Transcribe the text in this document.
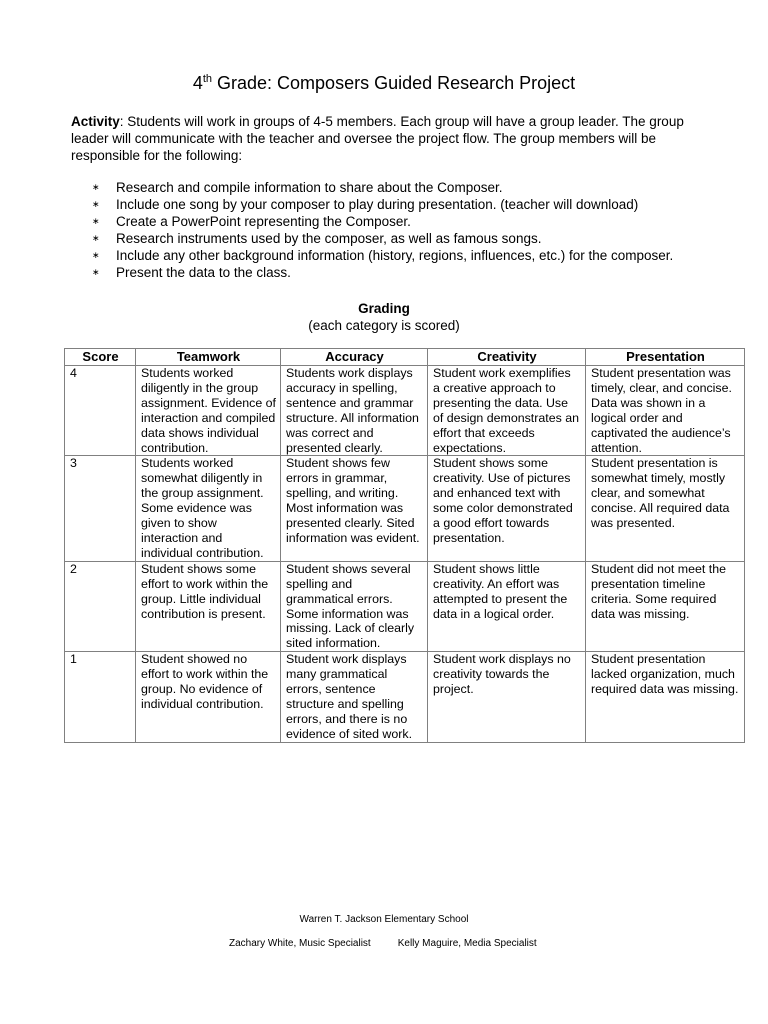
4th Grade: Composers Guided Research Project
Activity: Students will work in groups of 4-5 members. Each group will have a group leader. The group leader will communicate with the teacher and oversee the project flow. The group members will be responsible for the following:
∗	Research and compile information to share about the Composer.
∗	Include one song by your composer to play during presentation. (teacher will download)
∗	Create a PowerPoint representing the Composer.
∗	Research instruments used by the composer, as well as famous songs.
∗	Include any other background information (history, regions, influences, etc.) for the composer.
∗	Present the data to the class.
Grading
(each category is scored)
Score	Teamwork	Accuracy	Creativity	Presentation
4	Students worked diligently in the group assignment. Evidence of interaction and compiled data shows individual contribution.	Students work displays accuracy in spelling, sentence and grammar structure. All information was correct and presented clearly.	Student work exemplifies a creative approach to presenting the data. Use of design demonstrates an effort that exceeds expectations.	Student presentation was timely, clear, and concise. Data was shown in a logical order and captivated the audience’s attention.
3	Students worked somewhat diligently in the group assignment. Some evidence was given to show interaction and individual contribution.	Student shows few errors in grammar, spelling, and writing. Most information was presented clearly. Sited information was evident.	Student shows some creativity. Use of pictures and enhanced text with some color demonstrated a good effort towards presentation.	Student presentation is somewhat timely, mostly clear, and somewhat concise. All required data was presented.
2	Student shows some effort to work within the group. Little individual contribution is present.	Student shows several spelling and grammatical errors. Some information was missing. Lack of clearly sited information.	Student shows little creativity. An effort was attempted to present the data in a logical order.	Student did not meet the presentation timeline criteria. Some required data was missing.
1	Student showed no effort to work within the group. No evidence of individual contribution.	Student work displays many grammatical errors, sentence structure and spelling errors, and there is no evidence of sited work.	Student work displays no creativity towards the project.	Student presentation lacked organization, much required data was missing.
Warren T. Jackson Elementary School
Zachary White, Music Specialist	Kelly Maguire, Media Specialist
